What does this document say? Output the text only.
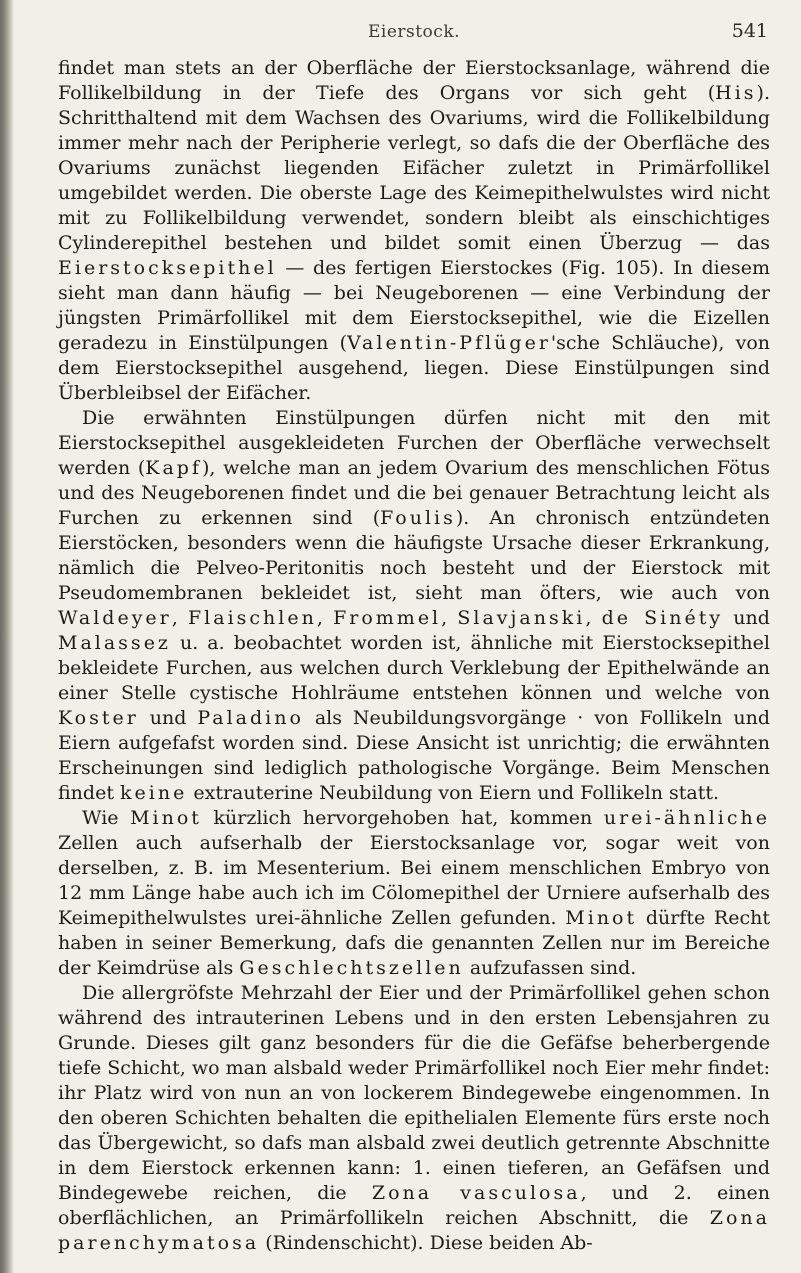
Eierstock.	541

findet man stets an der Oberfläche der Eierstocksanlage, während die Follikelbildung in der Tiefe des Organs vor sich geht (His). Schritthaltend mit dem Wachsen des Ovariums, wird die Follikelbildung immer mehr nach der Peripherie verlegt, so dafs die der Oberfläche des Ovariums zunächst liegenden Eifächer zuletzt in Primärfollikel umgebildet werden. Die oberste Lage des Keimepithelwulstes wird nicht mit zu Follikelbildung verwendet, sondern bleibt als einschichtiges Cylinderepithel bestehen und bildet somit einen Überzug — das Eierstocksepithel — des fertigen Eierstockes (Fig. 105). In diesem sieht man dann häufig — bei Neugeborenen — eine Verbindung der jüngsten Primärfollikel mit dem Eierstocksepithel, wie die Eizellen geradezu in Einstülpungen (Valentin-Pflüger'sche Schläuche), von dem Eierstocksepithel ausgehend, liegen. Diese Einstülpungen sind Überbleibsel der Eifächer.

Die erwähnten Einstülpungen dürfen nicht mit den mit Eierstocksepithel ausgekleideten Furchen der Oberfläche verwechselt werden (Kapf), welche man an jedem Ovarium des menschlichen Fötus und des Neugeborenen findet und die bei genauer Betrachtung leicht als Furchen zu erkennen sind (Foulis). An chronisch entzündeten Eierstöcken, besonders wenn die häufigste Ursache dieser Erkrankung, nämlich die Pelveo-Peritonitis noch besteht und der Eierstock mit Pseudomembranen bekleidet ist, sieht man öfters, wie auch von Waldeyer, Flaischlen, Frommel, Slavjanski, de Sinéty und Malassez u. a. beobachtet worden ist, ähnliche mit Eierstocksepithel bekleidete Furchen, aus welchen durch Verklebung der Epithelwände an einer Stelle cystische Hohlräume entstehen können und welche von Koster und Paladino als Neubildungsvorgänge · von Follikeln und Eiern aufgefafst worden sind. Diese Ansicht ist unrichtig; die erwähnten Erscheinungen sind lediglich pathologische Vorgänge. Beim Menschen findet keine extrauterine Neubildung von Eiern und Follikeln statt.

Wie Minot kürzlich hervorgehoben hat, kommen urei-ähnliche Zellen auch aufserhalb der Eierstocksanlage vor, sogar weit von derselben, z. B. im Mesenterium. Bei einem menschlichen Embryo von 12 mm Länge habe auch ich im Cölomepithel der Urniere aufserhalb des Keimepithelwulstes urei-ähnliche Zellen gefunden. Minot dürfte Recht haben in seiner Bemerkung, dafs die genannten Zellen nur im Bereiche der Keimdrüse als Geschlechtszellen aufzufassen sind.

Die allergröfste Mehrzahl der Eier und der Primärfollikel gehen schon während des intrauterinen Lebens und in den ersten Lebensjahren zu Grunde. Dieses gilt ganz besonders für die die Gefäfse beherbergende tiefe Schicht, wo man alsbald weder Primärfollikel noch Eier mehr findet: ihr Platz wird von nun an von lockerem Bindegewebe eingenommen. In den oberen Schichten behalten die epithelialen Elemente fürs erste noch das Übergewicht, so dafs man alsbald zwei deutlich getrennte Abschnitte in dem Eierstock erkennen kann: 1. einen tieferen, an Gefäfsen und Bindegewebe reichen, die Zona vasculosa, und 2. einen oberflächlichen, an Primärfollikeln reichen Abschnitt, die Zona parenchymatosa (Rindenschicht). Diese beiden Ab-
